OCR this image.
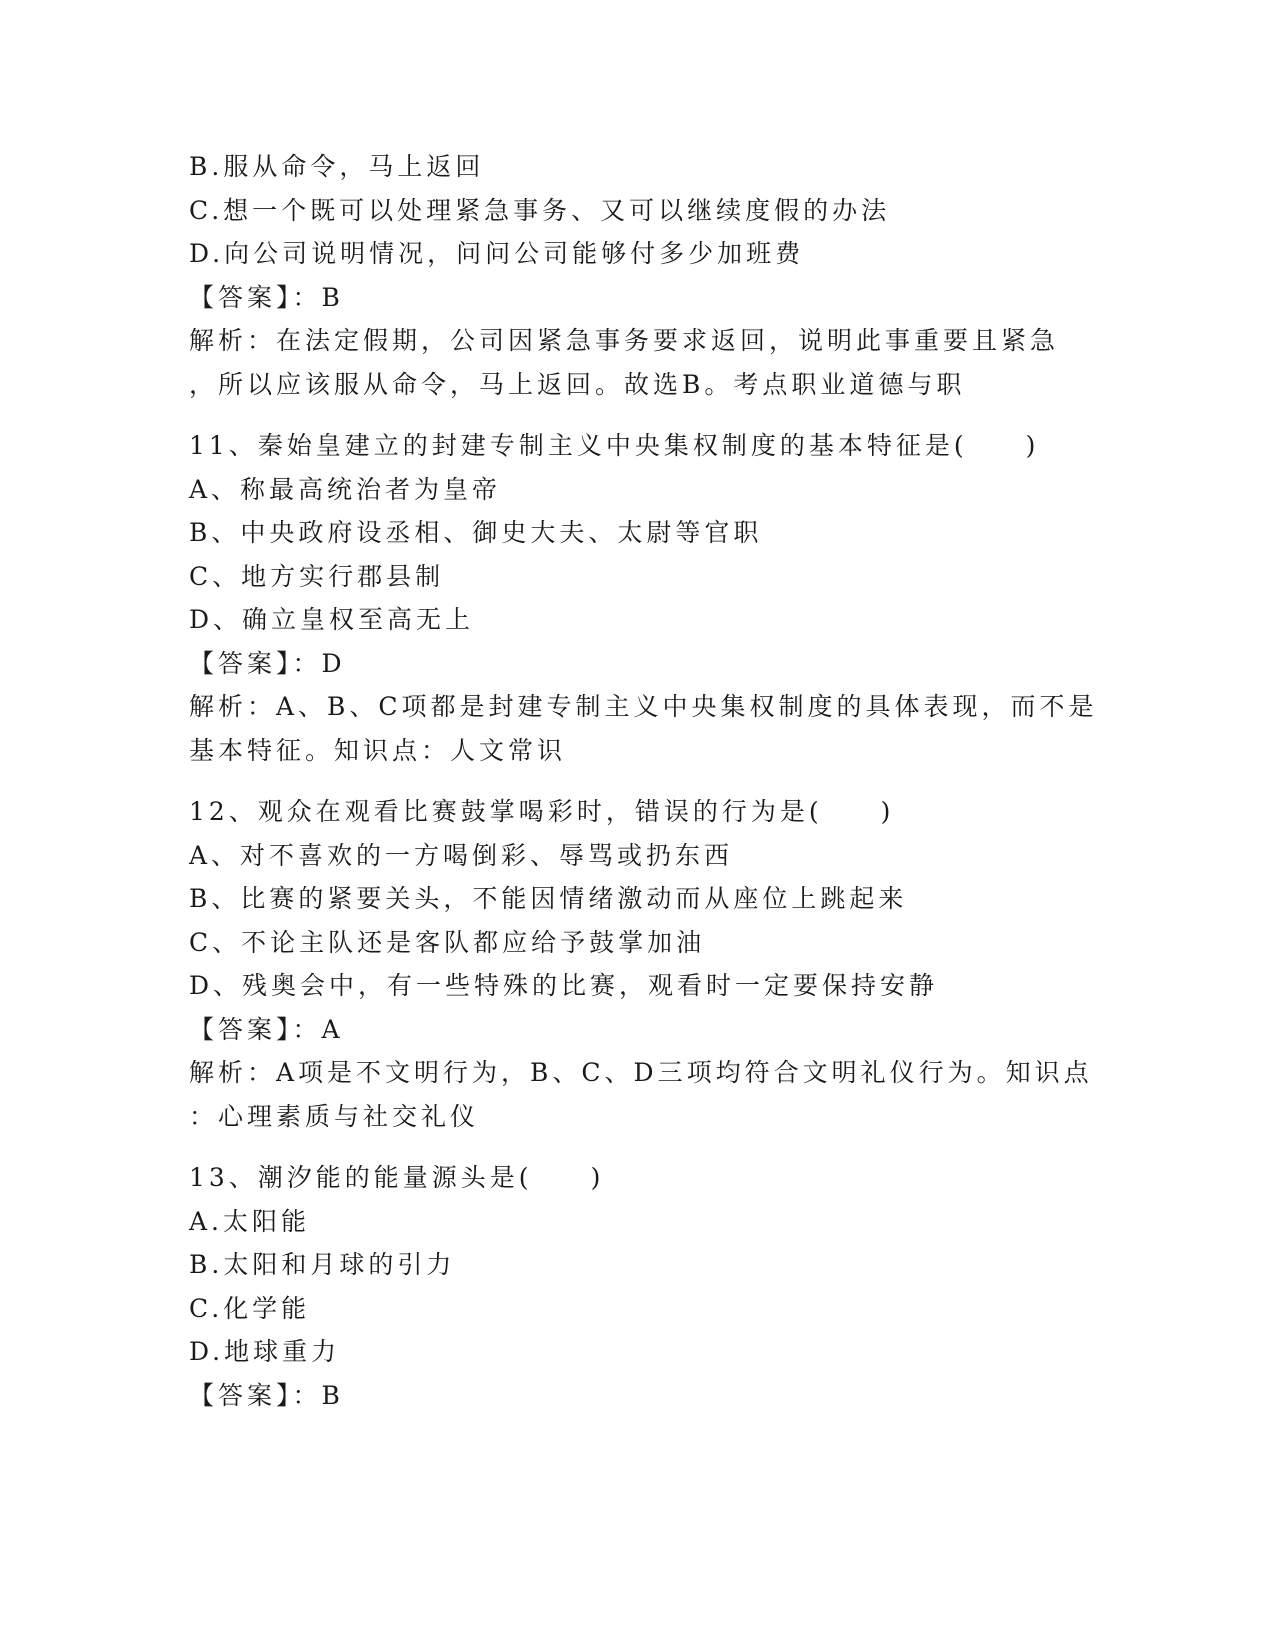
B.服从命令，马上返回
C.想一个既可以处理紧急事务、又可以继续度假的办法
D.向公司说明情况，问问公司能够付多少加班费
【答案】：B
解析：在法定假期，公司因紧急事务要求返回，说明此事重要且紧急
，所以应该服从命令，马上返回。故选B。考点职业道德与职
11、秦始皇建立的封建专制主义中央集权制度的基本特征是(　　)
A、称最高统治者为皇帝
B、中央政府设丞相、御史大夫、太尉等官职
C、地方实行郡县制
D、确立皇权至高无上
【答案】：D
解析：A、B、C项都是封建专制主义中央集权制度的具体表现，而不是
基本特征。知识点：人文常识
12、观众在观看比赛鼓掌喝彩时，错误的行为是(　　)
A、对不喜欢的一方喝倒彩、辱骂或扔东西
B、比赛的紧要关头，不能因情绪激动而从座位上跳起来
C、不论主队还是客队都应给予鼓掌加油
D、残奥会中，有一些特殊的比赛，观看时一定要保持安静
【答案】：A
解析：A项是不文明行为，B、C、D三项均符合文明礼仪行为。知识点
：心理素质与社交礼仪
13、潮汐能的能量源头是(　　)
A.太阳能
B.太阳和月球的引力
C.化学能
D.地球重力
【答案】：B
